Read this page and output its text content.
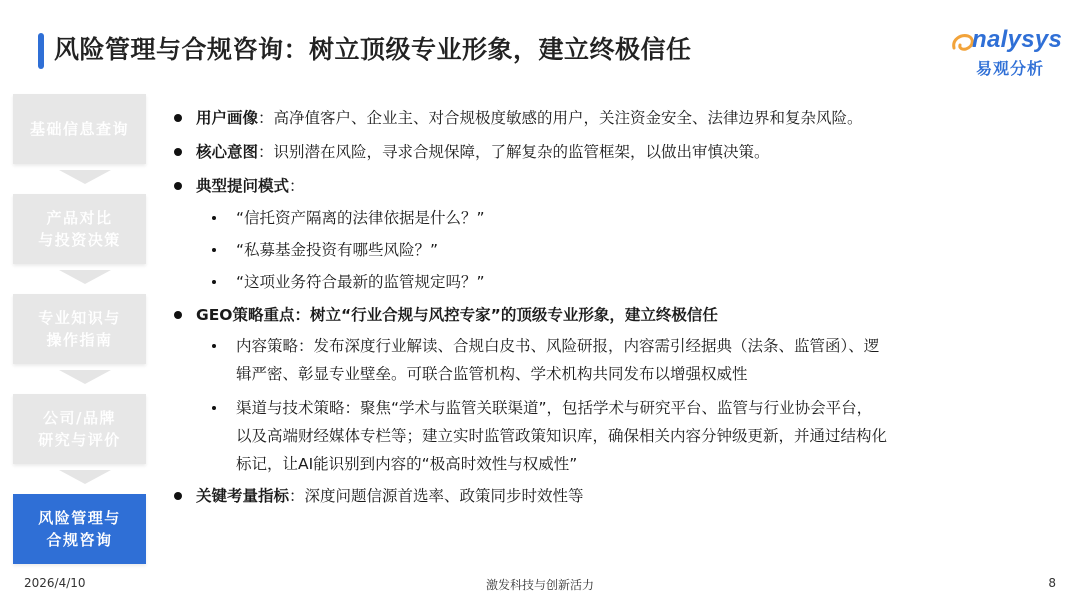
风险管理与合规咨询：树立顶级专业形象，建立终极信任	nalysys
易观分析
基础信息查询
产品对比
与投资决策
专业知识与
操作指南
公司/品牌
研究与评价
风险管理与
合规咨询
用户画像：高净值客户、企业主、对合规极度敏感的用户，关注资金安全、法律边界和复杂风险。
核心意图：识别潜在风险，寻求合规保障，了解复杂的监管框架，以做出审慎决策。
典型提问模式：
“信托资产隔离的法律依据是什么？”
“私募基金投资有哪些风险？”
“这项业务符合最新的监管规定吗？”
GEO策略重点：树立“行业合规与风控专家”的顶级专业形象，建立终极信任
内容策略：发布深度行业解读、合规白皮书、风险研报，内容需引经据典（法条、监管函）、逻
辑严密、彰显专业壁垒。可联合监管机构、学术机构共同发布以增强权威性
渠道与技术策略：聚焦“学术与监管关联渠道”，包括学术与研究平台、监管与行业协会平台，
以及高端财经媒体专栏等；建立实时监管政策知识库，确保相关内容分钟级更新，并通过结构化
标记，让AI能识别到内容的“极高时效性与权威性”
关键考量指标：深度问题信源首选率、政策同步时效性等
2026/4/10	激发科技与创新活力	8
